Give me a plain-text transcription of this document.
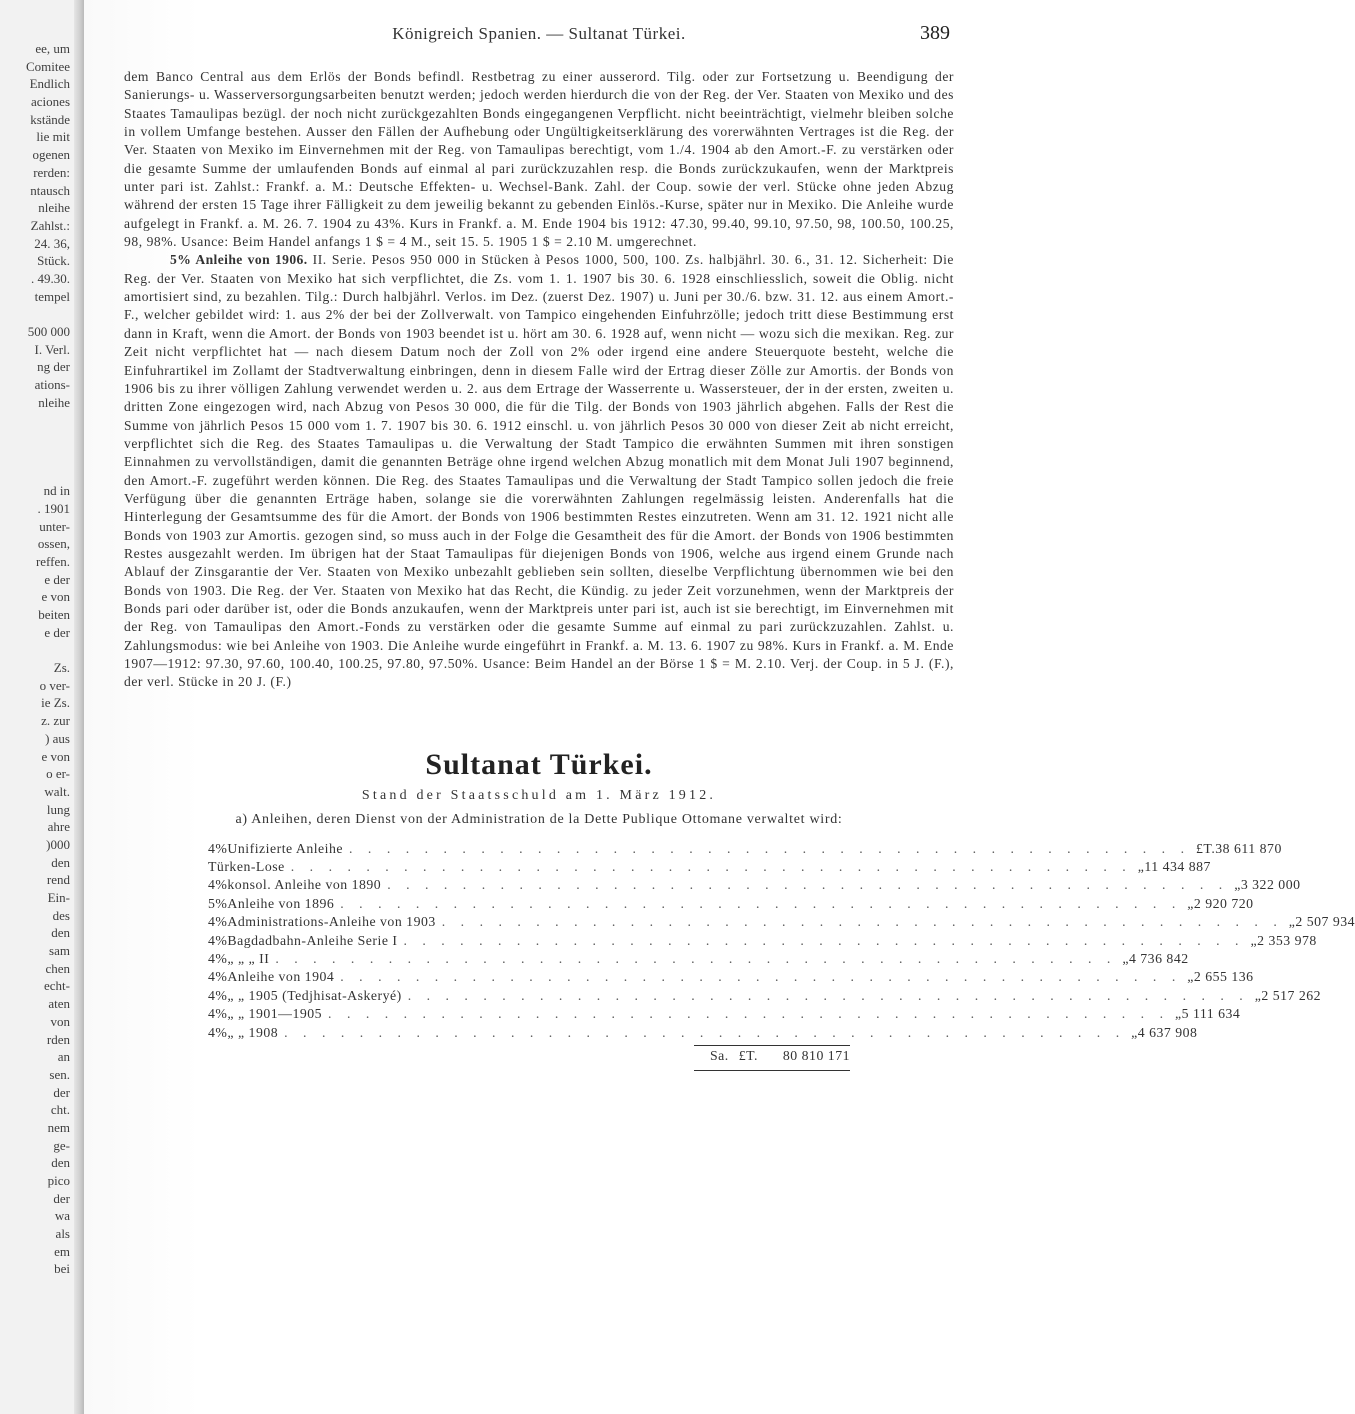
ee, um
Comitee
Endlich
aciones
kstände
lie mit
ogenen
rerden:
ntausch
nleihe
Zahlst.:
24. 36,
Stück.
. 49.30.
tempel
500 000
I. Verl.
ng der
ations-
nleihe
nd in
. 1901
unter-
ossen,
reffen.
e der
e von
beiten
e der
Zs.
o ver-
ie Zs.
z. zur
) aus
e von
o er-
walt.
lung
ahre
)000
den
rend
Ein-
des
den
sam
chen
echt-
aten
von
rden
an
sen.
der
cht.
nem
ge-
den
pico
der
wa
als
em
bei
Königreich Spanien. — Sultanat Türkei.	389

dem Banco Central aus dem Erlös der Bonds befindl. Restbetrag zu einer ausserord. Tilg. oder zur Fortsetzung u. Beendigung der Sanierungs- u. Wasserversorgungsarbeiten benutzt werden; jedoch werden hierdurch die von der Reg. der Ver. Staaten von Mexiko und des Staates Tamaulipas bezügl. der noch nicht zurückgezahlten Bonds eingegangenen Verpflicht. nicht beeinträchtigt, vielmehr bleiben solche in vollem Umfange bestehen. Ausser den Fällen der Aufhebung oder Ungültigkeitserklärung des vorerwähnten Vertrages ist die Reg. der Ver. Staaten von Mexiko im Einvernehmen mit der Reg. von Tamaulipas berechtigt, vom 1./4. 1904 ab den Amort.-F. zu verstärken oder die gesamte Summe der umlaufenden Bonds auf einmal al pari zurückzuzahlen resp. die Bonds zurückzukaufen, wenn der Marktpreis unter pari ist. Zahlst.: Frankf. a. M.: Deutsche Effekten- u. Wechsel-Bank. Zahl. der Coup. sowie der verl. Stücke ohne jeden Abzug während der ersten 15 Tage ihrer Fälligkeit zu dem jeweilig bekannt zu gebenden Einlös.-Kurse, später nur in Mexiko. Die Anleihe wurde aufgelegt in Frankf. a. M. 26. 7. 1904 zu 43%. Kurs in Frankf. a. M. Ende 1904 bis 1912: 47.30, 99.40, 99.10, 97.50, 98, 100.50, 100.25, 98, 98%. Usance: Beim Handel anfangs 1 $ = 4 M., seit 15. 5. 1905 1 $ = 2.10 M. umgerechnet.

5% Anleihe von 1906. II. Serie. Pesos 950 000 in Stücken à Pesos 1000, 500, 100. Zs. halbjährl. 30. 6., 31. 12. Sicherheit: Die Reg. der Ver. Staaten von Mexiko hat sich verpflichtet, die Zs. vom 1. 1. 1907 bis 30. 6. 1928 einschliesslich, soweit die Oblig. nicht amortisiert sind, zu bezahlen. Tilg.: Durch halbjährl. Verlos. im Dez. (zuerst Dez. 1907) u. Juni per 30./6. bzw. 31. 12. aus einem Amort.-F., welcher gebildet wird: 1. aus 2% der bei der Zollverwalt. von Tampico eingehenden Einfuhrzölle; jedoch tritt diese Bestimmung erst dann in Kraft, wenn die Amort. der Bonds von 1903 beendet ist u. hört am 30. 6. 1928 auf, wenn nicht — wozu sich die mexikan. Reg. zur Zeit nicht verpflichtet hat — nach diesem Datum noch der Zoll von 2% oder irgend eine andere Steuerquote besteht, welche die Einfuhrartikel im Zollamt der Stadtverwaltung einbringen, denn in diesem Falle wird der Ertrag dieser Zölle zur Amortis. der Bonds von 1906 bis zu ihrer völligen Zahlung verwendet werden u. 2. aus dem Ertrage der Wasserrente u. Wassersteuer, der in der ersten, zweiten u. dritten Zone eingezogen wird, nach Abzug von Pesos 30 000, die für die Tilg. der Bonds von 1903 jährlich abgehen. Falls der Rest die Summe von jährlich Pesos 15 000 vom 1. 7. 1907 bis 30. 6. 1912 einschl. u. von jährlich Pesos 30 000 von dieser Zeit ab nicht erreicht, verpflichtet sich die Reg. des Staates Tamaulipas u. die Verwaltung der Stadt Tampico die erwähnten Summen mit ihren sonstigen Einnahmen zu vervollständigen, damit die genannten Beträge ohne irgend welchen Abzug monatlich mit dem Monat Juli 1907 beginnend, den Amort.-F. zugeführt werden können. Die Reg. des Staates Tamaulipas und die Verwaltung der Stadt Tampico sollen jedoch die freie Verfügung über die genannten Erträge haben, solange sie die vorerwähnten Zahlungen regelmässig leisten. Anderenfalls hat die Hinterlegung der Gesamtsumme des für die Amort. der Bonds von 1906 bestimmten Restes einzutreten. Wenn am 31. 12. 1921 nicht alle Bonds von 1903 zur Amortis. gezogen sind, so muss auch in der Folge die Gesamtheit des für die Amort. der Bonds von 1906 bestimmten Restes ausgezahlt werden. Im übrigen hat der Staat Tamaulipas für diejenigen Bonds von 1906, welche aus irgend einem Grunde nach Ablauf der Zinsgarantie der Ver. Staaten von Mexiko unbezahlt geblieben sein sollten, dieselbe Verpflichtung übernommen wie bei den Bonds von 1903. Die Reg. der Ver. Staaten von Mexiko hat das Recht, die Kündig. zu jeder Zeit vorzunehmen, wenn der Marktpreis der Bonds pari oder darüber ist, oder die Bonds anzukaufen, wenn der Marktpreis unter pari ist, auch ist sie berechtigt, im Einvernehmen mit der Reg. von Tamaulipas den Amort.-Fonds zu verstärken oder die gesamte Summe auf einmal zu pari zurückzuzahlen. Zahlst. u. Zahlungsmodus: wie bei Anleihe von 1903. Die Anleihe wurde eingeführt in Frankf. a. M. 13. 6. 1907 zu 98%. Kurs in Frankf. a. M. Ende 1907—1912: 97.30, 97.60, 100.40, 100.25, 97.80, 97.50%. Usance: Beim Handel an der Börse 1 $ = M. 2.10. Verj. der Coup. in 5 J. (F.), der verl. Stücke in 20 J. (F.)

Sultanat Türkei.
Stand der Staatsschuld am 1. März 1912.
a) Anleihen, deren Dienst von der Administration de la Dette Publique Ottomane verwaltet wird:
4% Unifizierte Anleihe . . . . . . . . . . . . . . . . . . . . . . . . . . . . . . . . . . . . . . . . . . . . . £T. 38 611 870
Türken-Lose . . . . . . . . . . . . . . . . . . . . . . . . . . . . . . . . . . . . . . . . . . . . . „ 11 434 887
4% konsol. Anleihe von 1890 . . . . . . . . . . . . . . . . . . . . . . . . . . . . . . . . . . . . . . . . . . . . . „ 3 322 000
5% Anleihe von 1896 . . . . . . . . . . . . . . . . . . . . . . . . . . . . . . . . . . . . . . . . . . . . . „ 2 920 720
4% Administrations-Anleihe von 1903 . . . . . . . . . . . . . . . . . . . . . . . . . . . . . . . . . . . . . . . . . . . . . „ 2 507 934
4% Bagdadbahn-Anleihe Serie I . . . . . . . . . . . . . . . . . . . . . . . . . . . . . . . . . . . . . . . . . . . . . „ 2 353 978
4% „ „ „ II . . . . . . . . . . . . . . . . . . . . . . . . . . . . . . . . . . . . . . . . . . . . . „ 4 736 842
4% Anleihe von 1904 . . . . . . . . . . . . . . . . . . . . . . . . . . . . . . . . . . . . . . . . . . . . . „ 2 655 136
4% „ „ 1905 (Tedjhisat-Askeryé) . . . . . . . . . . . . . . . . . . . . . . . . . . . . . . . . . . . . . . . . . . . . . „ 2 517 262
4% „ „ 1901—1905 . . . . . . . . . . . . . . . . . . . . . . . . . . . . . . . . . . . . . . . . . . . . . „ 5 111 634
4% „ „ 1908 . . . . . . . . . . . . . . . . . . . . . . . . . . . . . . . . . . . . . . . . . . . . . „ 4 637 908
Sa. £T.	80 810 171
